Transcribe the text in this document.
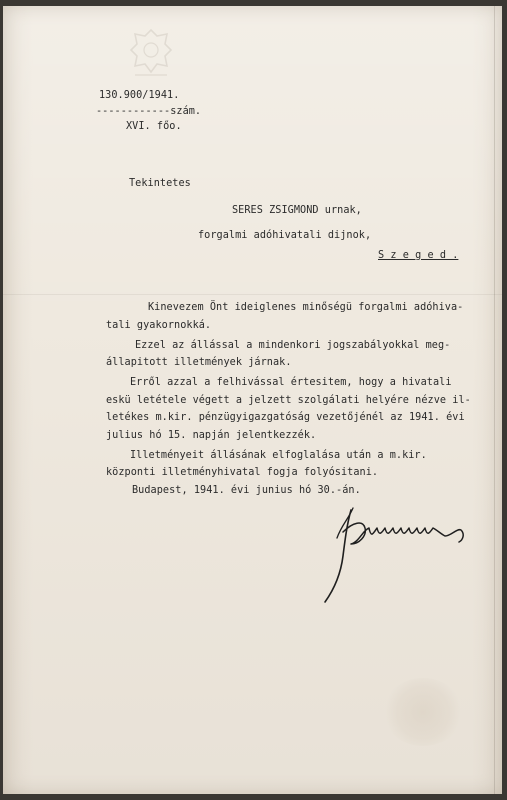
130.900/1941.
------------szám.
XVI. főo.
Tekintetes
SERES ZSIGMOND urnak,
forgalmi adóhivatali dijnok,
S z e g e d .
Kinevezem Önt ideiglenes minőségü forgalmi adóhiva-
tali gyakornokká.
Ezzel az állással a mindenkori jogszabályokkal meg-
állapitott illetmények járnak.
Erről azzal a felhivással értesitem, hogy a hivatali
eskü letétele végett a jelzett szolgálati helyére nézve il-
letékes m.kir. pénzügyigazgatóság vezetőjénél az 1941. évi
julius hó 15. napján jelentkezzék.
Illetményeit állásának elfoglalása után a m.kir.
központi illetményhivatal fogja folyósitani.
Budapest, 1941. évi junius hó 30.-án.
